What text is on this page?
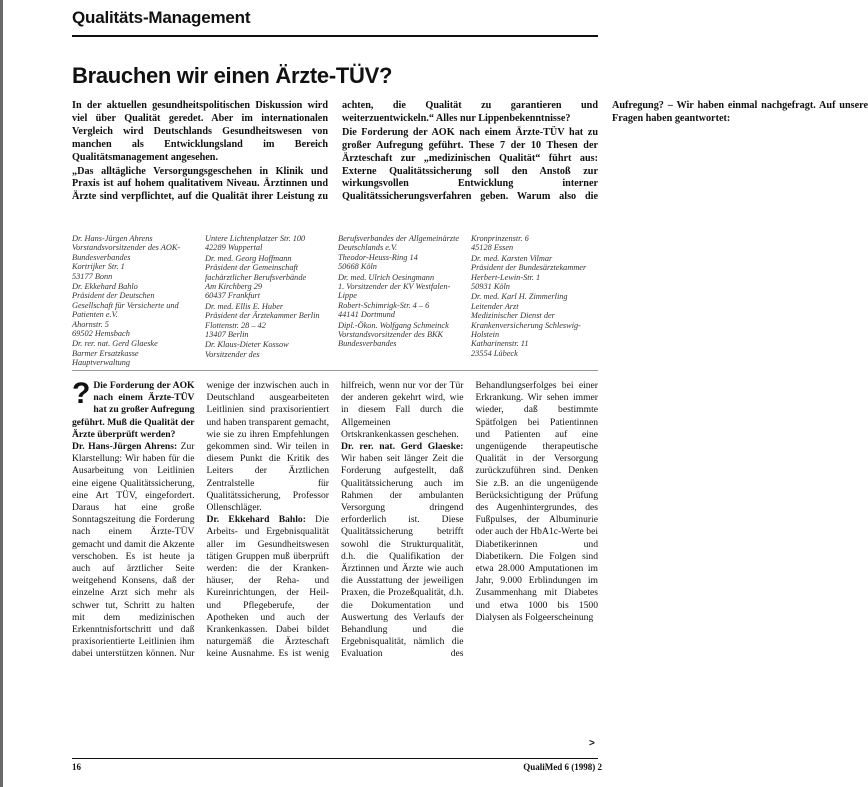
Qualitäts-Management
Brauchen wir einen Ärzte-TÜV?

In der aktuellen gesundheitspolitischen Diskussion wird viel über Qualität geredet. Aber im internationalen Vergleich wird Deutschlands Gesundheitswesen von manchen als Entwicklungsland im Bereich Qualitätsmanagement angesehen.

„Das alltägliche Versorgungsgeschehen in Klinik und Praxis ist auf hohem qualitativem Niveau. Ärztinnen und Ärzte sind verpflichtet, auf die Qualität ihrer Leistung zu achten, die Qualität zu garantieren und weiterzuentwickeln.“ Alles nur Lippenbekenntnisse?

Die Forderung der AOK nach einem Ärzte-TÜV hat zu großer Aufregung geführt. These 7 der 10 Thesen der Ärzteschaft zur „medizinischen Qualität“ führt aus: Externe Qualitätssicherung soll den Anstoß zur wirkungsvollen Entwicklung interner Qualitätssicherungsverfahren geben. Warum also die Aufregung? – Wir haben einmal nachgefragt. Auf unsere Fragen haben geantwortet:

Dr. Hans-Jürgen Ahrens
Vorstandsvorsitzender des AOK-Bundesverbandes
Kortrijker Str. 1
53177 Bonn

Dr. Ekkehard Bahlo
Präsident der Deutschen Gesellschaft für Versicherte und Patienten e.V.
Ahornstr. 5
69502 Hemsbach

Dr. rer. nat. Gerd Glaeske
Barmer Ersatzkasse
Hauptverwaltung

Untere Lichtenplatzer Str. 100
42289 Wuppertal

Dr. med. Georg Hoffmann
Präsident der Gemeinschaft fachärztlicher Berufsverbände
Am Kirchberg 29
60437 Frankfurt

Dr. med. Ellis E. Huber
Präsident der Ärztekammer Berlin
Flottenstr. 28 – 42
13407 Berlin

Dr. Klaus-Dieter Kossow
Vorsitzender des

Berufsverbandes der Allgemeinärzte Deutschlands e.V.
Theodor-Heuss-Ring 14
50668 Köln

Dr. med. Ulrich Oesingmann
1. Vorsitzender der KV Westfalen-Lippe
Robert-Schimrigk-Str. 4 – 6
44141 Dortmund

Dipl.-Ökon. Wolfgang Schmeinck
Vorstandsvorsitzender des BKK Bundesverbandes

Kronprinzenstr. 6
45128 Essen

Dr. med. Karsten Vilmar
Präsident der Bundesärztekammer
Herbert-Lewin-Str. 1
50931 Köln

Dr. med. Karl H. Zimmerling
Leitender Arzt
Medizinischer Dienst der Krankenversicherung Schleswig-Holstein
Katharinenstr. 11
23554 Lübeck

? Die Forderung der AOK nach einem Ärzte-TÜV hat zu großer Aufregung geführt. Muß die Qualität der Ärzte überprüft werden?

Dr. Hans-Jürgen Ahrens: Zur Klarstellung: Wir haben für die Ausarbeitung von Leitlinien eine eigene Qualitätssicherung, eine Art TÜV, eingefordert. Daraus hat eine große Sonntagszeitung die Forderung nach einem Ärzte-TÜV gemacht und damit die Akzente verschoben. Es ist heute ja auch auf ärztlicher Seite weitgehend Konsens, daß der einzelne Arzt sich mehr als schwer tut, Schritt zu halten mit dem medizinischen Erkenntnisfortschritt und daß praxisorientierte Leitlinien ihm dabei unterstützen können. Nur wenige der inzwischen auch in Deutschland ausgearbeiteten Leitlinien sind praxisorientiert und haben transparent gemacht, wie sie zu ihren Empfehlungen gekommen sind. Wir teilen in diesem Punkt die Kritik des Leiters der Ärztlichen Zentralstelle für Qualitätssicherung, Professor Ollenschläger.

Dr. Ekkehard Bahlo: Die Arbeits- und Ergebnisqualität aller im Gesundheitswesen tätigen Gruppen muß überprüft werden: die der Kranken-häuser, der Reha- und Kureinrichtungen, der Heil- und Pflegeberufe, der Apotheken und auch der Krankenkassen. Dabei bildet naturgemäß die Ärzteschaft keine Ausnahme. Es ist wenig hilfreich, wenn nur vor der Tür der anderen gekehrt wird, wie in diesem Fall durch die Allgemeinen Ortskrankenkassen geschehen.

Dr. rer. nat. Gerd Glaeske: Wir haben seit länger Zeit die Forderung aufgestellt, daß Qualitätssicherung auch im Rahmen der ambulanten Versorgung dringend erforderlich ist. Diese Qualitätssicherung betrifft sowohl die Strukturqualität, d.h. die Qualifikation der Ärztinnen und Ärzte wie auch die Ausstattung der jeweiligen Praxen, die Prozeßqualität, d.h. die Dokumentation und Auswertung des Verlaufs der Behandlung und die Ergebnisqualität, nämlich die Evaluation des Behandlungserfolges bei einer Erkrankung. Wir sehen immer wieder, daß bestimmte Spätfolgen bei Patientinnen und Patienten auf eine ungenügende therapeutische Qualität in der Versorgung zurückzuführen sind. Denken Sie z.B. an die ungenügende Berücksichtigung der Prüfung des Augenhintergrundes, des Fußpulses, der Albuminurie oder auch der HbA1c-Werte bei Diabetikerinnen und Diabetikern. Die Folgen sind etwa 28.000 Amputationen im Jahr, 9.000 Erblindungen im Zusammenhang mit Diabetes und etwa 1000 bis 1500 Dialysen als Folgeerscheinung

>
16	QualiMed 6 (1998) 2
